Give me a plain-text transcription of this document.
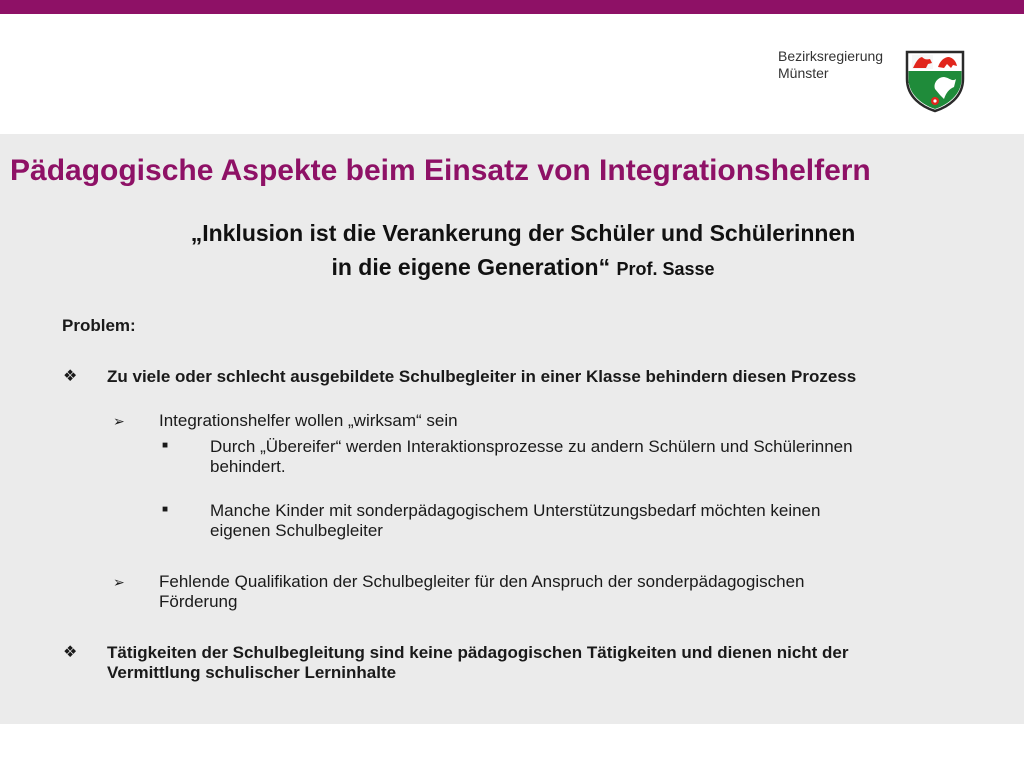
Bezirksregierung
Münster
Pädagogische Aspekte beim Einsatz von Integrationshelfern
„Inklusion ist die Verankerung der Schüler und Schülerinnen
in die eigene Generation“ Prof. Sasse
Problem:
❖ Zu viele oder schlecht ausgebildete Schulbegleiter in einer Klasse behindern diesen Prozess
➢ Integrationshelfer wollen „wirksam“ sein
■ Durch „Übereifer“ werden Interaktionsprozesse zu andern Schülern und Schülerinnen
behindert.
■ Manche Kinder mit sonderpädagogischem Unterstützungsbedarf möchten keinen
eigenen Schulbegleiter
➢ Fehlende Qualifikation der Schulbegleiter für den Anspruch der sonderpädagogischen
Förderung
❖ Tätigkeiten der Schulbegleitung sind keine pädagogischen Tätigkeiten und dienen nicht der
Vermittlung schulischer Lerninhalte
